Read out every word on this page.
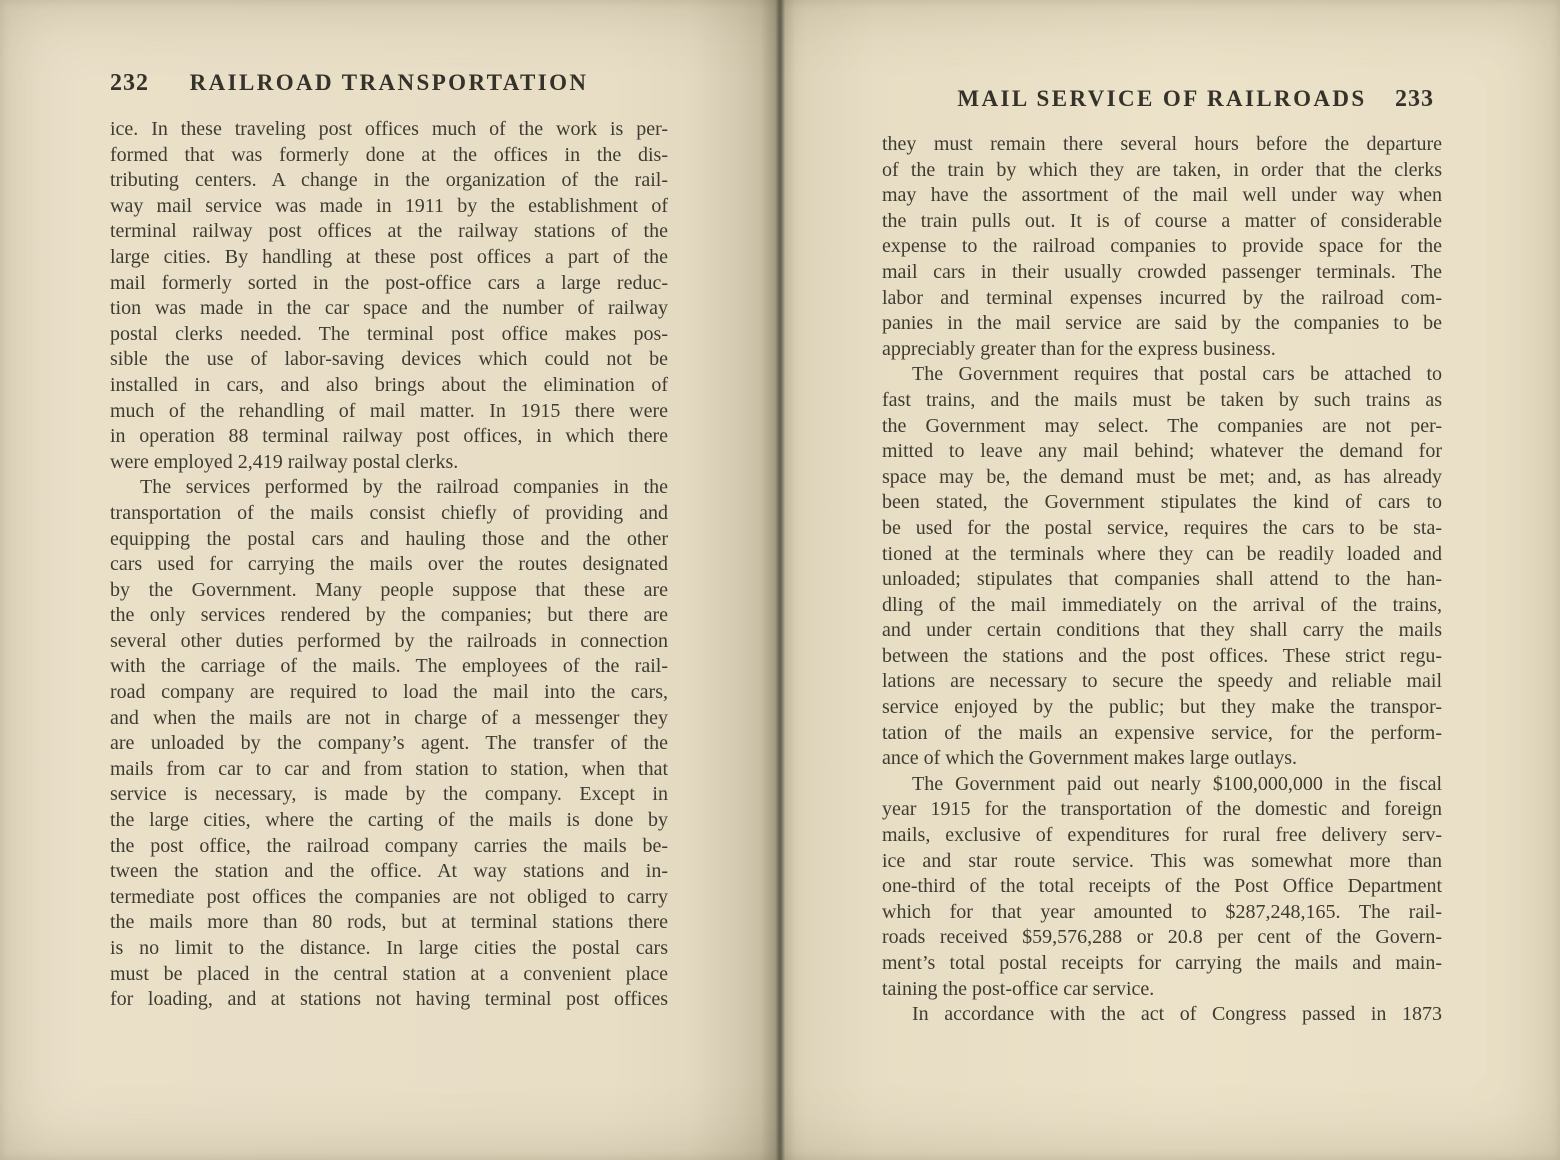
232	RAILROAD TRANSPORTATION
ice. In these traveling post offices much of the work is per-
formed that was formerly done at the offices in the dis-
tributing centers. A change in the organization of the rail-
way mail service was made in 1911 by the establishment of
terminal railway post offices at the railway stations of the
large cities. By handling at these post offices a part of the
mail formerly sorted in the post-office cars a large reduc-
tion was made in the car space and the number of railway
postal clerks needed. The terminal post office makes pos-
sible the use of labor-saving devices which could not be
installed in cars, and also brings about the elimination of
much of the rehandling of mail matter. In 1915 there were
in operation 88 terminal railway post offices, in which there
were employed 2,419 railway postal clerks.
The services performed by the railroad companies in the
transportation of the mails consist chiefly of providing and
equipping the postal cars and hauling those and the other
cars used for carrying the mails over the routes designated
by the Government. Many people suppose that these are
the only services rendered by the companies; but there are
several other duties performed by the railroads in connection
with the carriage of the mails. The employees of the rail-
road company are required to load the mail into the cars,
and when the mails are not in charge of a messenger they
are unloaded by the company’s agent. The transfer of the
mails from car to car and from station to station, when that
service is necessary, is made by the company. Except in
the large cities, where the carting of the mails is done by
the post office, the railroad company carries the mails be-
tween the station and the office. At way stations and in-
termediate post offices the companies are not obliged to carry
the mails more than 80 rods, but at terminal stations there
is no limit to the distance. In large cities the postal cars
must be placed in the central station at a convenient place
for loading, and at stations not having terminal post offices
MAIL SERVICE OF RAILROADS	233
they must remain there several hours before the departure
of the train by which they are taken, in order that the clerks
may have the assortment of the mail well under way when
the train pulls out. It is of course a matter of considerable
expense to the railroad companies to provide space for the
mail cars in their usually crowded passenger terminals. The
labor and terminal expenses incurred by the railroad com-
panies in the mail service are said by the companies to be
appreciably greater than for the express business.
The Government requires that postal cars be attached to
fast trains, and the mails must be taken by such trains as
the Government may select. The companies are not per-
mitted to leave any mail behind; whatever the demand for
space may be, the demand must be met; and, as has already
been stated, the Government stipulates the kind of cars to
be used for the postal service, requires the cars to be sta-
tioned at the terminals where they can be readily loaded and
unloaded; stipulates that companies shall attend to the han-
dling of the mail immediately on the arrival of the trains,
and under certain conditions that they shall carry the mails
between the stations and the post offices. These strict regu-
lations are necessary to secure the speedy and reliable mail
service enjoyed by the public; but they make the transpor-
tation of the mails an expensive service, for the perform-
ance of which the Government makes large outlays.
The Government paid out nearly $100,000,000 in the fiscal
year 1915 for the transportation of the domestic and foreign
mails, exclusive of expenditures for rural free delivery serv-
ice and star route service. This was somewhat more than
one-third of the total receipts of the Post Office Department
which for that year amounted to $287,248,165. The rail-
roads received $59,576,288 or 20.8 per cent of the Govern-
ment’s total postal receipts for carrying the mails and main-
taining the post-office car service.
In accordance with the act of Congress passed in 1873
